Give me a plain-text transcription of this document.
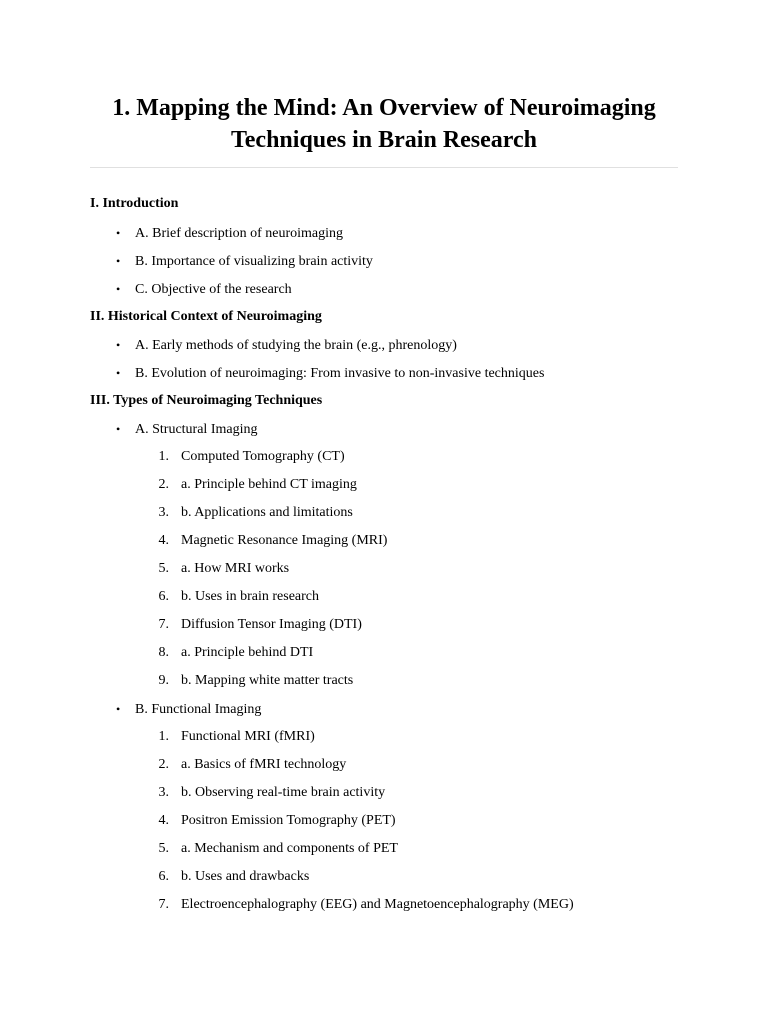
1. Mapping the Mind: An Overview of Neuroimaging
Techniques in Brain Research
I. Introduction
• A. Brief description of neuroimaging
• B. Importance of visualizing brain activity
• C. Objective of the research
II. Historical Context of Neuroimaging
• A. Early methods of studying the brain (e.g., phrenology)
• B. Evolution of neuroimaging: From invasive to non-invasive techniques
III. Types of Neuroimaging Techniques
• A. Structural Imaging
1. Computed Tomography (CT)
2. a. Principle behind CT imaging
3. b. Applications and limitations
4. Magnetic Resonance Imaging (MRI)
5. a. How MRI works
6. b. Uses in brain research
7. Diffusion Tensor Imaging (DTI)
8. a. Principle behind DTI
9. b. Mapping white matter tracts
• B. Functional Imaging
1. Functional MRI (fMRI)
2. a. Basics of fMRI technology
3. b. Observing real-time brain activity
4. Positron Emission Tomography (PET)
5. a. Mechanism and components of PET
6. b. Uses and drawbacks
7. Electroencephalography (EEG) and Magnetoencephalography (MEG)
